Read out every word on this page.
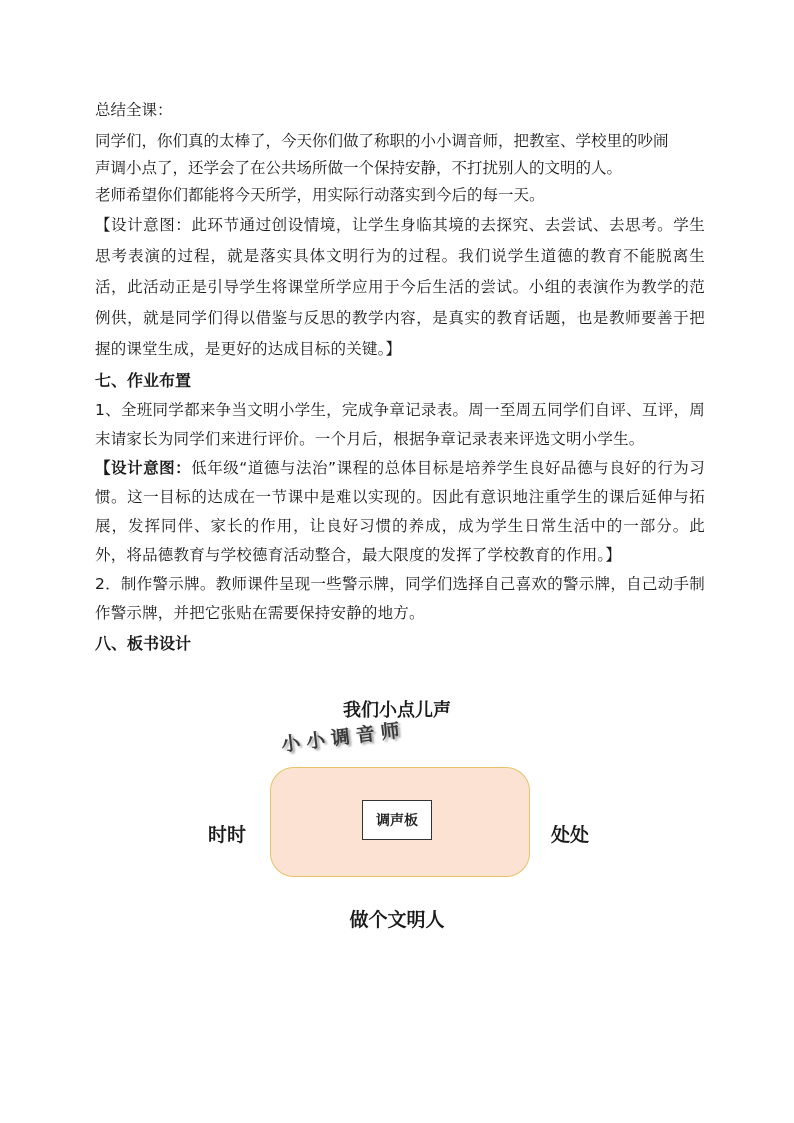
总结全课：

同学们，你们真的太棒了，今天你们做了称职的小小调音师，把教室、学校里的吵闹

声调小点了，还学会了在公共场所做一个保持安静，不打扰别人的文明的人。

老师希望你们都能将今天所学，用实际行动落实到今后的每一天。

【设计意图：此环节通过创设情境，让学生身临其境的去探究、去尝试、去思考。学生思考表演的过程，就是落实具体文明行为的过程。我们说学生道德的教育不能脱离生活，此活动正是引导学生将课堂所学应用于今后生活的尝试。小组的表演作为教学的范例供，就是同学们得以借鉴与反思的教学内容，是真实的教育话题，也是教师要善于把握的课堂生成，是更好的达成目标的关键。】

七、作业布置

1、全班同学都来争当文明小学生，完成争章记录表。周一至周五同学们自评、互评，周末请家长为同学们来进行评价。一个月后，根据争章记录表来评选文明小学生。

【设计意图：低年级“道德与法治”课程的总体目标是培养学生良好品德与良好的行为习惯。这一目标的达成在一节课中是难以实现的。因此有意识地注重学生的课后延伸与拓展，发挥同伴、家长的作用，让良好习惯的养成，成为学生日常生活中的一部分。此外，将品德教育与学校德育活动整合，最大限度的发挥了学校教育的作用。】

2．制作警示牌。教师课件呈现一些警示牌，同学们选择自己喜欢的警示牌，自己动手制作警示牌，并把它张贴在需要保持安静的地方。

八、板书设计

我们小点儿声
小小调音师
调声板
时时	处处
做个文明人
